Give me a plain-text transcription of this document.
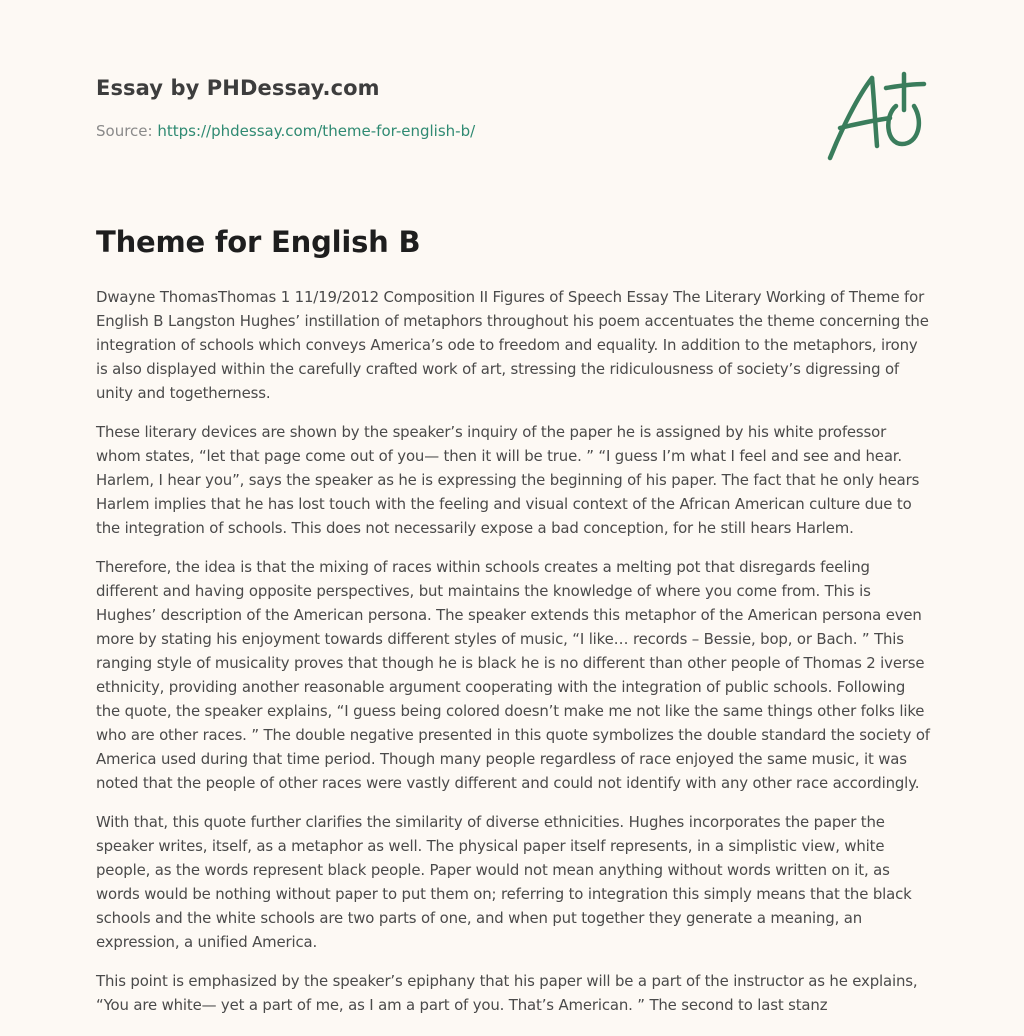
Essay by PHDessay.com
Source: https://phdessay.com/theme-for-english-b/
Theme for English B

Dwayne ThomasThomas 1 11/19/2012 Composition II Figures of Speech Essay The Literary Working of Theme for English B Langston Hughes’ instillation of metaphors throughout his poem accentuates the theme concerning the integration of schools which conveys America’s ode to freedom and equality. In addition to the metaphors, irony is also displayed within the carefully crafted work of art, stressing the ridiculousness of society’s digressing of unity and togetherness.

These literary devices are shown by the speaker’s inquiry of the paper he is assigned by his white professor whom states, “let that page come out of you— then it will be true. ” “I guess I’m what I feel and see and hear. Harlem, I hear you”, says the speaker as he is expressing the beginning of his paper. The fact that he only hears Harlem implies that he has lost touch with the feeling and visual context of the African American culture due to the integration of schools. This does not necessarily expose a bad conception, for he still hears Harlem.

Therefore, the idea is that the mixing of races within schools creates a melting pot that disregards feeling different and having opposite perspectives, but maintains the knowledge of where you come from. This is Hughes’ description of the American persona. The speaker extends this metaphor of the American persona even more by stating his enjoyment towards different styles of music, “I like… records – Bessie, bop, or Bach. ” This ranging style of musicality proves that though he is black he is no different than other people of Thomas 2 iverse ethnicity, providing another reasonable argument cooperating with the integration of public schools. Following the quote, the speaker explains, “I guess being colored doesn’t make me not like the same things other folks like who are other races. ” The double negative presented in this quote symbolizes the double standard the society of America used during that time period. Though many people regardless of race enjoyed the same music, it was noted that the people of other races were vastly different and could not identify with any other race accordingly.

With that, this quote further clarifies the similarity of diverse ethnicities. Hughes incorporates the paper the speaker writes, itself, as a metaphor as well. The physical paper itself represents, in a simplistic view, white people, as the words represent black people. Paper would not mean anything without words written on it, as words would be nothing without paper to put them on; referring to integration this simply means that the black schools and the white schools are two parts of one, and when put together they generate a meaning, an expression, a unified America.

This point is emphasized by the speaker’s epiphany that his paper will be a part of the instructor as he explains, “You are white— yet a part of me, as I am a part of you. That’s American. ” The second to last stanz
